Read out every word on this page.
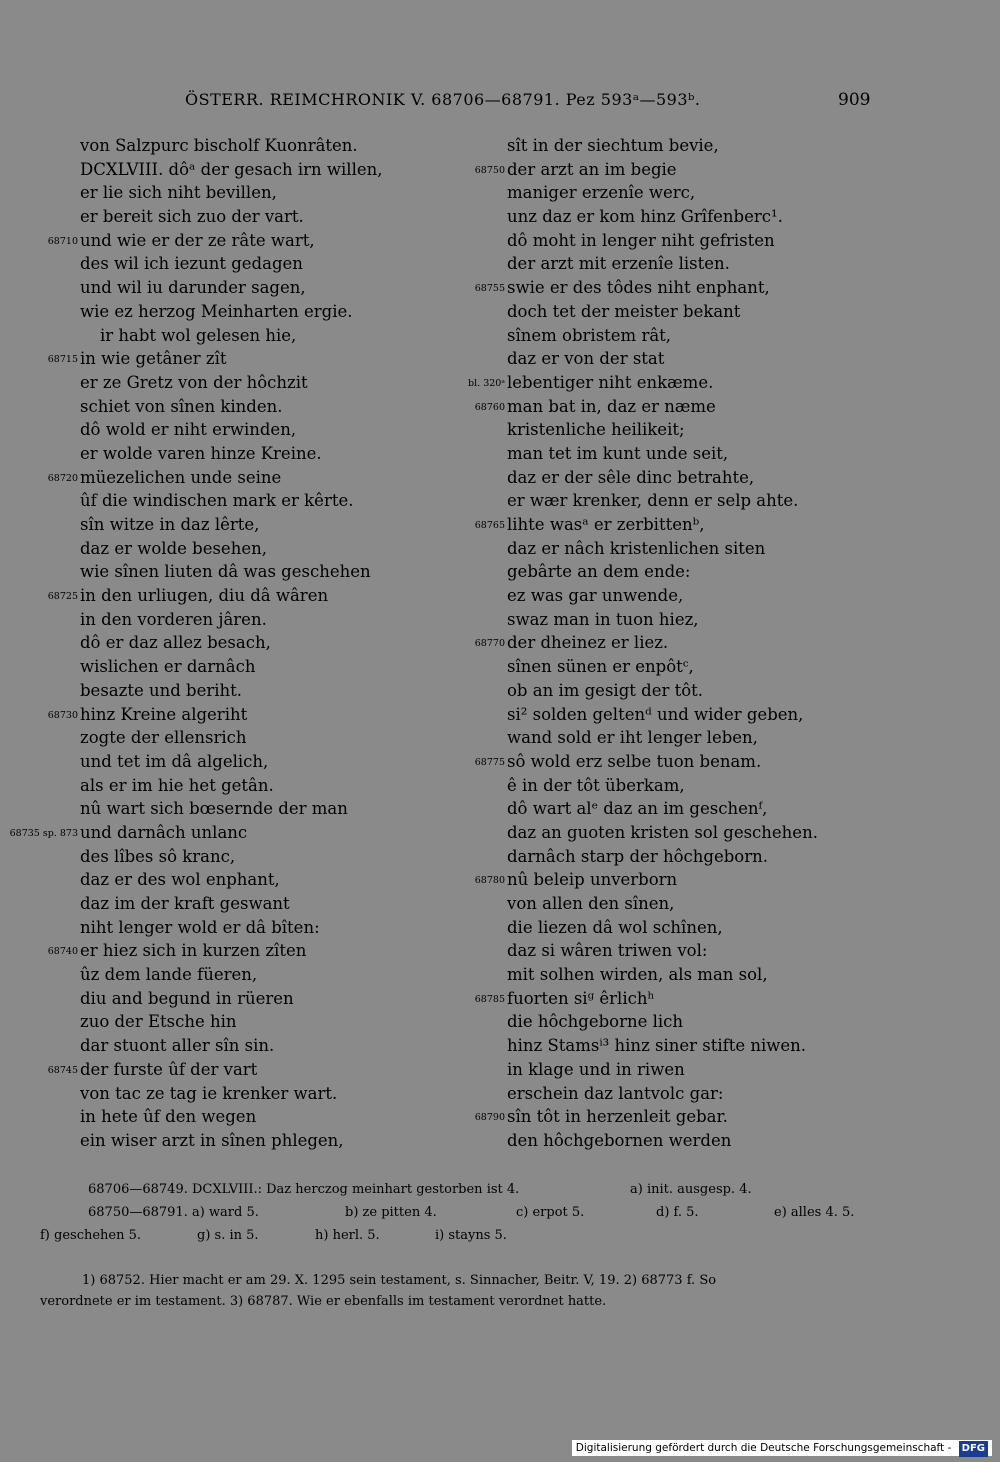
ÖSTERR. REIMCHRONIK V. 68706—68791. Pez 593ᵃ—593ᵇ.	909
von Salzpurc bischolf Kuonrâten.
DCXLVIII. dôᵃ der gesach irn willen,
er lie sich niht bevillen,
er bereit sich zuo der vart.
68710 und wie er der ze râte wart,
des wil ich iezunt gedagen
und wil iu darunder sagen,
wie ez herzog Meinharten ergie.
ir habt wol gelesen hie,
68715 in wie getâner zît
er ze Gretz von der hôchzit
schiet von sînen kinden.
dô wold er niht erwinden,
er wolde varen hinze Kreine.
68720 müezelichen unde seine
ûf die windischen mark er kêrte.
sîn witze in daz lêrte,
daz er wolde besehen,
wie sînen liuten dâ was geschehen
68725 in den urliugen, diu dâ wâren
in den vorderen jâren.
dô er daz allez besach,
wislichen er darnâch
besazte und beriht.
68730 hinz Kreine algeriht
zogte der ellensrich
und tet im dâ algelich,
als er im hie het getân.
nû wart sich bœsernde der man
68735 sp. 873 und darnâch unlanc
des lîbes sô kranc,
daz er des wol enphant,
daz im der kraft geswant
niht lenger wold er dâ bîten:
68740 er hiez sich in kurzen zîten
ûz dem lande füeren,
diu and begund in rüeren
zuo der Etsche hin
dar stuont aller sîn sin.
68745 der furste ûf der vart
von tac ze tag ie krenker wart.
in hete ûf den wegen
ein wiser arzt in sînen phlegen,
sît in der siechtum bevie,
68750 der arzt an im begie
maniger erzenîe werc,
unz daz er kom hinz Grîfenberc¹.
dô moht in lenger niht gefristen
der arzt mit erzenîe listen.
68755 swie er des tôdes niht enphant,
doch tet der meister bekant
sînem obristem rât,
daz er von der stat
bl. 320ᵃ lebentiger niht enkæme.
68760 man bat in, daz er næme
kristenliche heilikeit;
man tet im kunt unde seit,
daz er der sêle dinc betrahte,
er wær krenker, denn er selp ahte.
68765 lihte wasᵃ er zerbittenᵇ,
daz er nâch kristenlichen siten
gebârte an dem ende:
ez was gar unwende,
swaz man in tuon hiez,
68770 der dheinez er liez.
sînen sünen er enpôtᶜ,
ob an im gesigt der tôt.
si² solden geltenᵈ und wider geben,
wand sold er iht lenger leben,
68775 sô wold erz selbe tuon benam.
ê in der tôt überkam,
dô wart alᵉ daz an im geschenᶠ,
daz an guoten kristen sol geschehen.
darnâch starp der hôchgeborn.
68780 nû beleip unverborn
von allen den sînen,
die liezen dâ wol schînen,
daz si wâren triwen vol:
mit solhen wirden, als man sol,
68785 fuorten siᵍ êrlichʰ
die hôchgeborne lich
hinz Stamsⁱ³ hinz siner stifte niwen.
in klage und in riwen
erschein daz lantvolc gar:
68790 sîn tôt in herzenleit gebar.
den hôchgebornen werden
68706—68749. DCXLVIII.: Daz herczog meinhart gestorben ist 4.	a) init. ausgesp. 4.
68750—68791. a) ward 5.	b) ze pitten 4.	c) erpot 5.	d) f. 5.	e) alles 4. 5.
f) geschehen 5.	g) s. in 5.	h) herl. 5.	i) stayns 5.
1) 68752. Hier macht er am 29. X. 1295 sein testament, s. Sinnacher, Beitr. V, 19. 2) 68773 f. So
verordnete er im testament. 3) 68787. Wie er ebenfalls im testament verordnet hatte.
Digitalisierung gefördert durch die Deutsche Forschungsgemeinschaft - DFG
